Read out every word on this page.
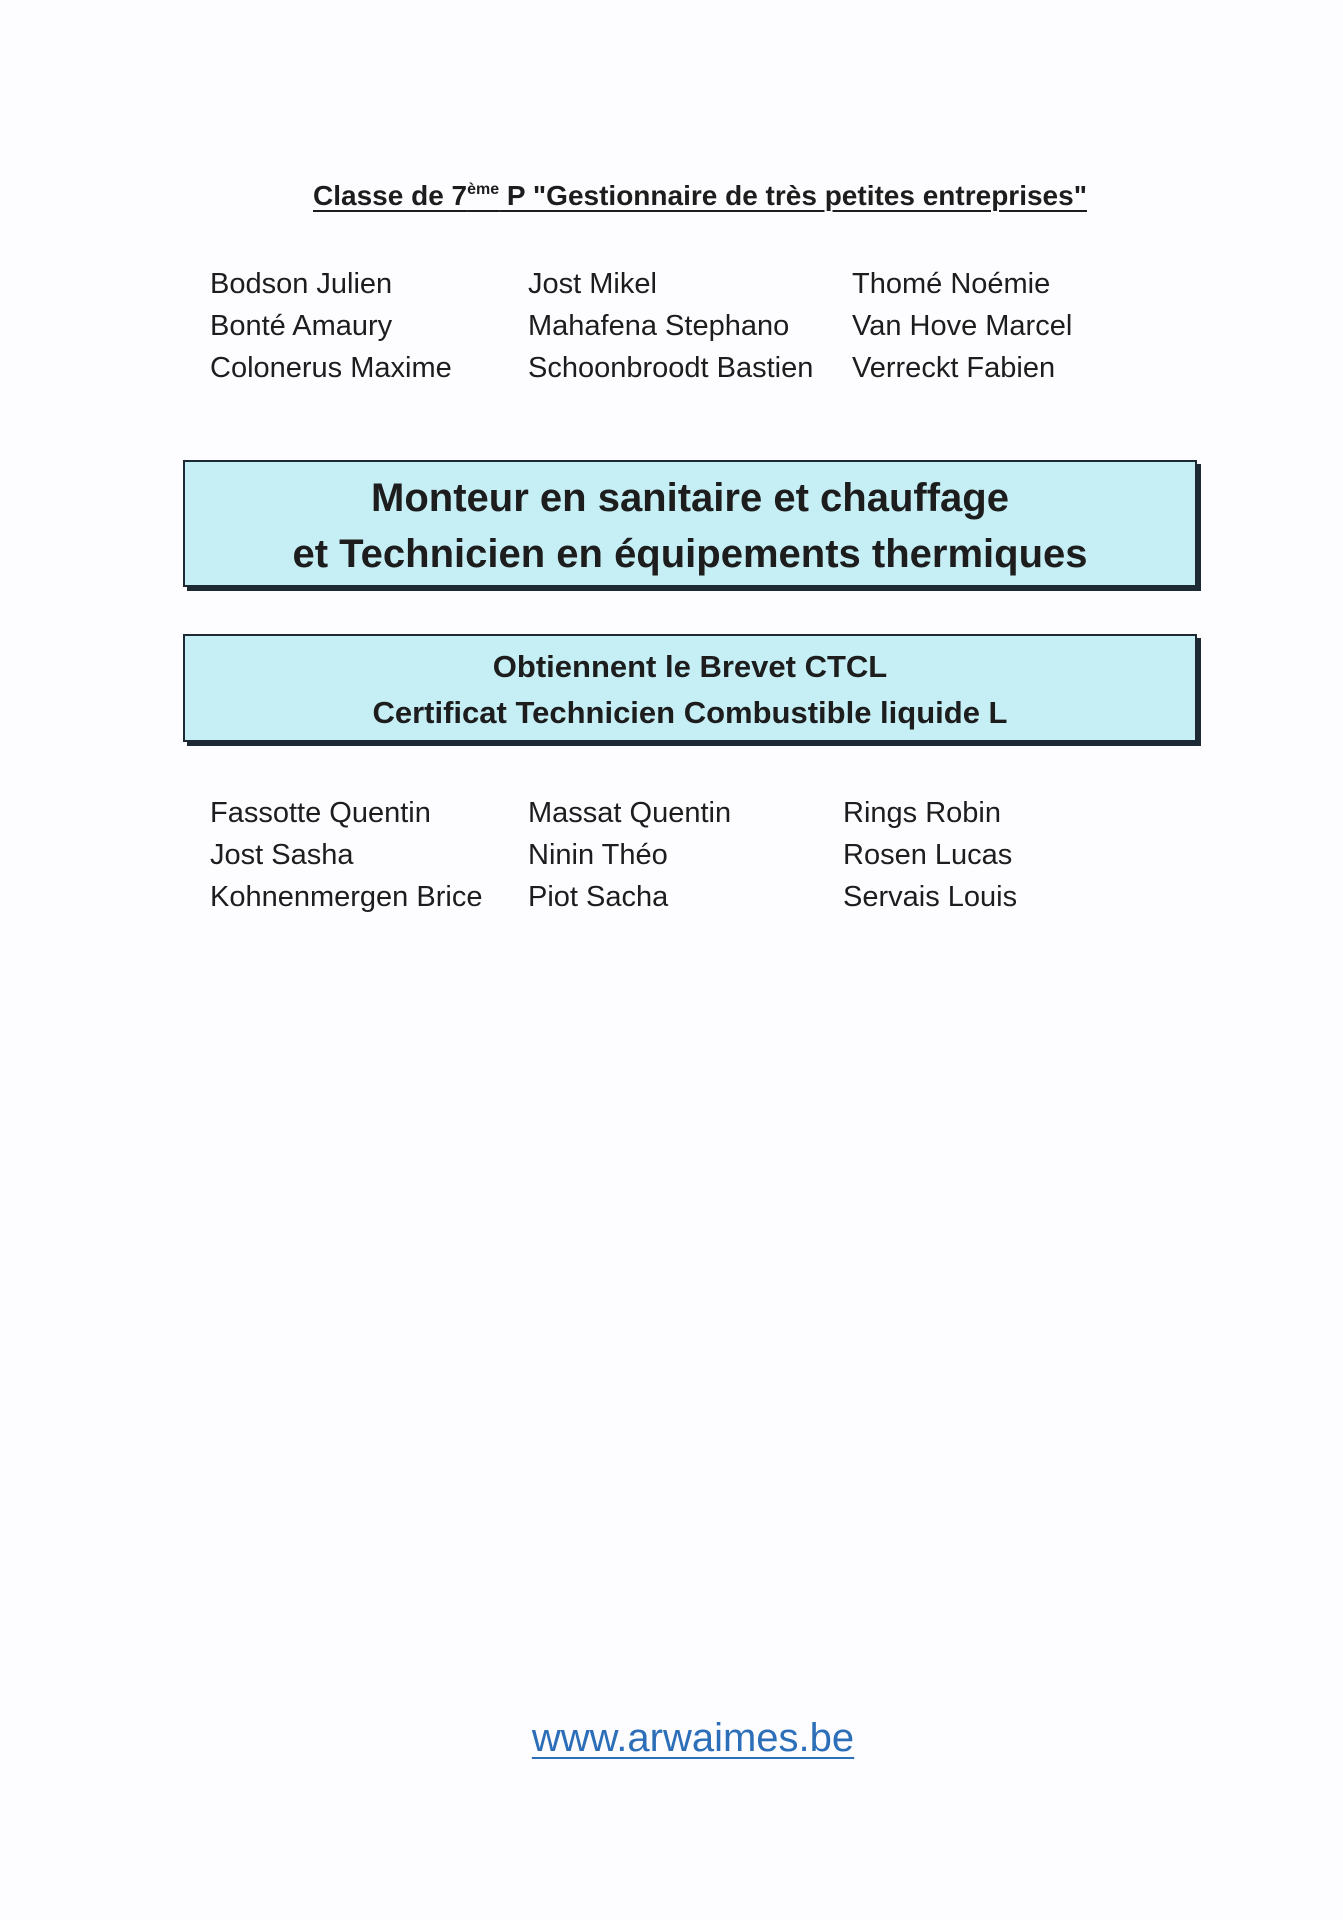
Classe de 7ème P "Gestionnaire de très petites entreprises"
Bodson Julien
Bonté Amaury
Colonerus Maxime
Jost Mikel
Mahafena Stephano
Schoonbroodt Bastien
Thomé Noémie
Van Hove Marcel
Verreckt Fabien
Monteur en sanitaire et chauffage
et Technicien en équipements thermiques
Obtiennent le Brevet CTCL
Certificat Technicien Combustible liquide L
Fassotte Quentin
Jost Sasha
Kohnenmergen Brice
Massat Quentin
Ninin Théo
Piot Sacha
Rings Robin
Rosen Lucas
Servais Louis
www.arwaimes.be
